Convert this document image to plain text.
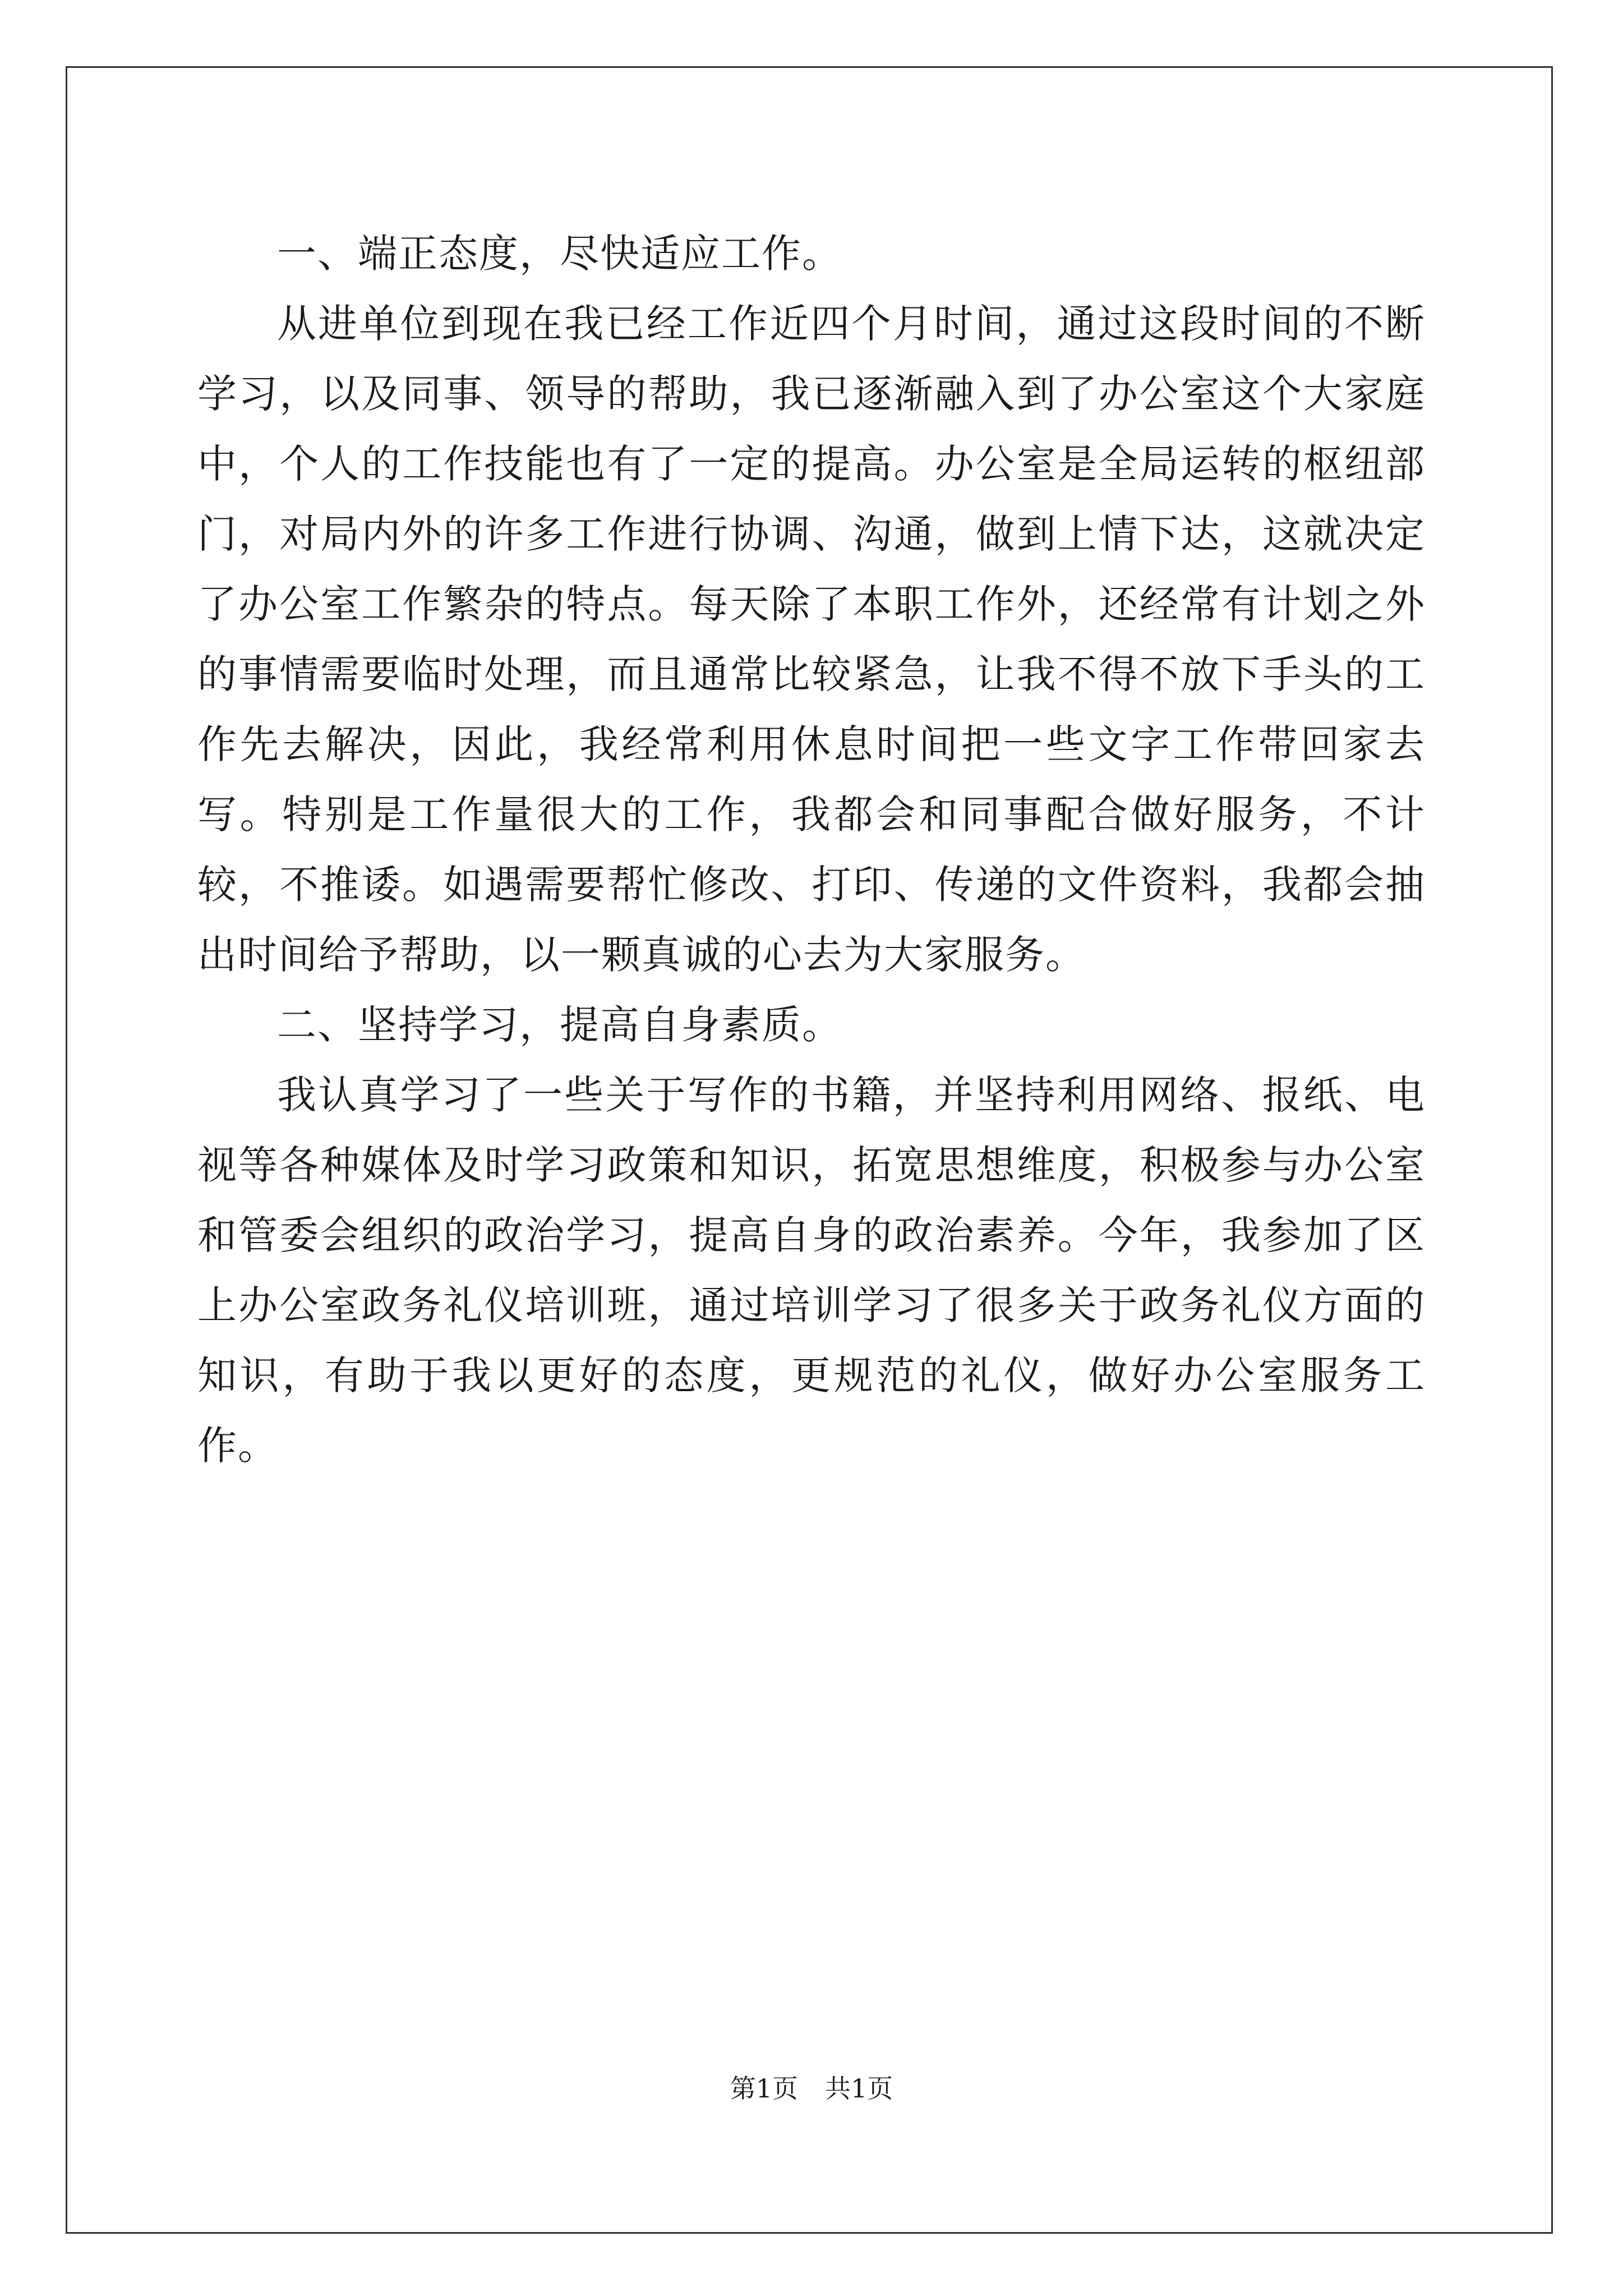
一、端正态度，尽快适应工作。

从进单位到现在我已经工作近四个月时间，通过这段时间的不断学习，以及同事、领导的帮助，我已逐渐融入到了办公室这个大家庭中，个人的工作技能也有了一定的提高。办公室是全局运转的枢纽部门，对局内外的许多工作进行协调、沟通，做到上情下达，这就决定了办公室工作繁杂的特点。每天除了本职工作外，还经常有计划之外的事情需要临时处理，而且通常比较紧急，让我不得不放下手头的工作先去解决，因此，我经常利用休息时间把一些文字工作带回家去写。特别是工作量很大的工作，我都会和同事配合做好服务，不计较，不推诿。如遇需要帮忙修改、打印、传递的文件资料，我都会抽出时间给予帮助，以一颗真诚的心去为大家服务。

二、坚持学习，提高自身素质。

我认真学习了一些关于写作的书籍，并坚持利用网络、报纸、电视等各种媒体及时学习政策和知识，拓宽思想维度，积极参与办公室和管委会组织的政治学习，提高自身的政治素养。今年，我参加了区上办公室政务礼仪培训班，通过培训学习了很多关于政务礼仪方面的知识，有助于我以更好的态度，更规范的礼仪，做好办公室服务工作。

第1页 共1页
